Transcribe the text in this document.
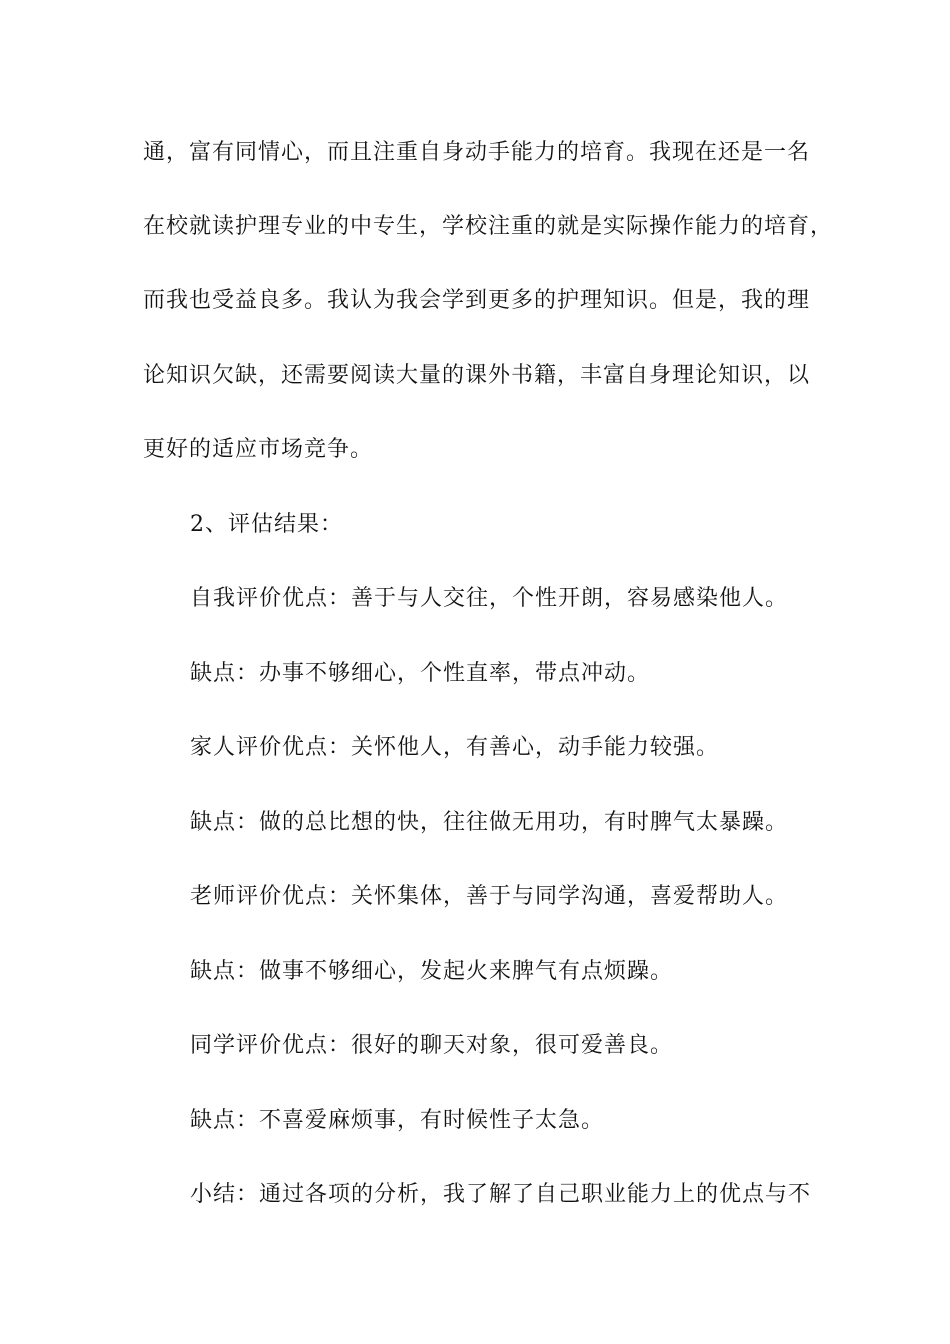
通，富有同情心，而且注重自身动手能力的培育。我现在还是一名
在校就读护理专业的中专生，学校注重的就是实际操作能力的培育，
而我也受益良多。我认为我会学到更多的护理知识。但是，我的理
论知识欠缺，还需要阅读大量的课外书籍，丰富自身理论知识，以
更好的适应市场竞争。
2、评估结果：
自我评价优点：善于与人交往，个性开朗，容易感染他人。
缺点：办事不够细心，个性直率，带点冲动。
家人评价优点：关怀他人，有善心，动手能力较强。
缺点：做的总比想的快，往往做无用功，有时脾气太暴躁。
老师评价优点：关怀集体，善于与同学沟通，喜爱帮助人。
缺点：做事不够细心，发起火来脾气有点烦躁。
同学评价优点：很好的聊天对象，很可爱善良。
缺点：不喜爱麻烦事，有时候性子太急。
小结：通过各项的分析，我了解了自己职业能力上的优点与不
